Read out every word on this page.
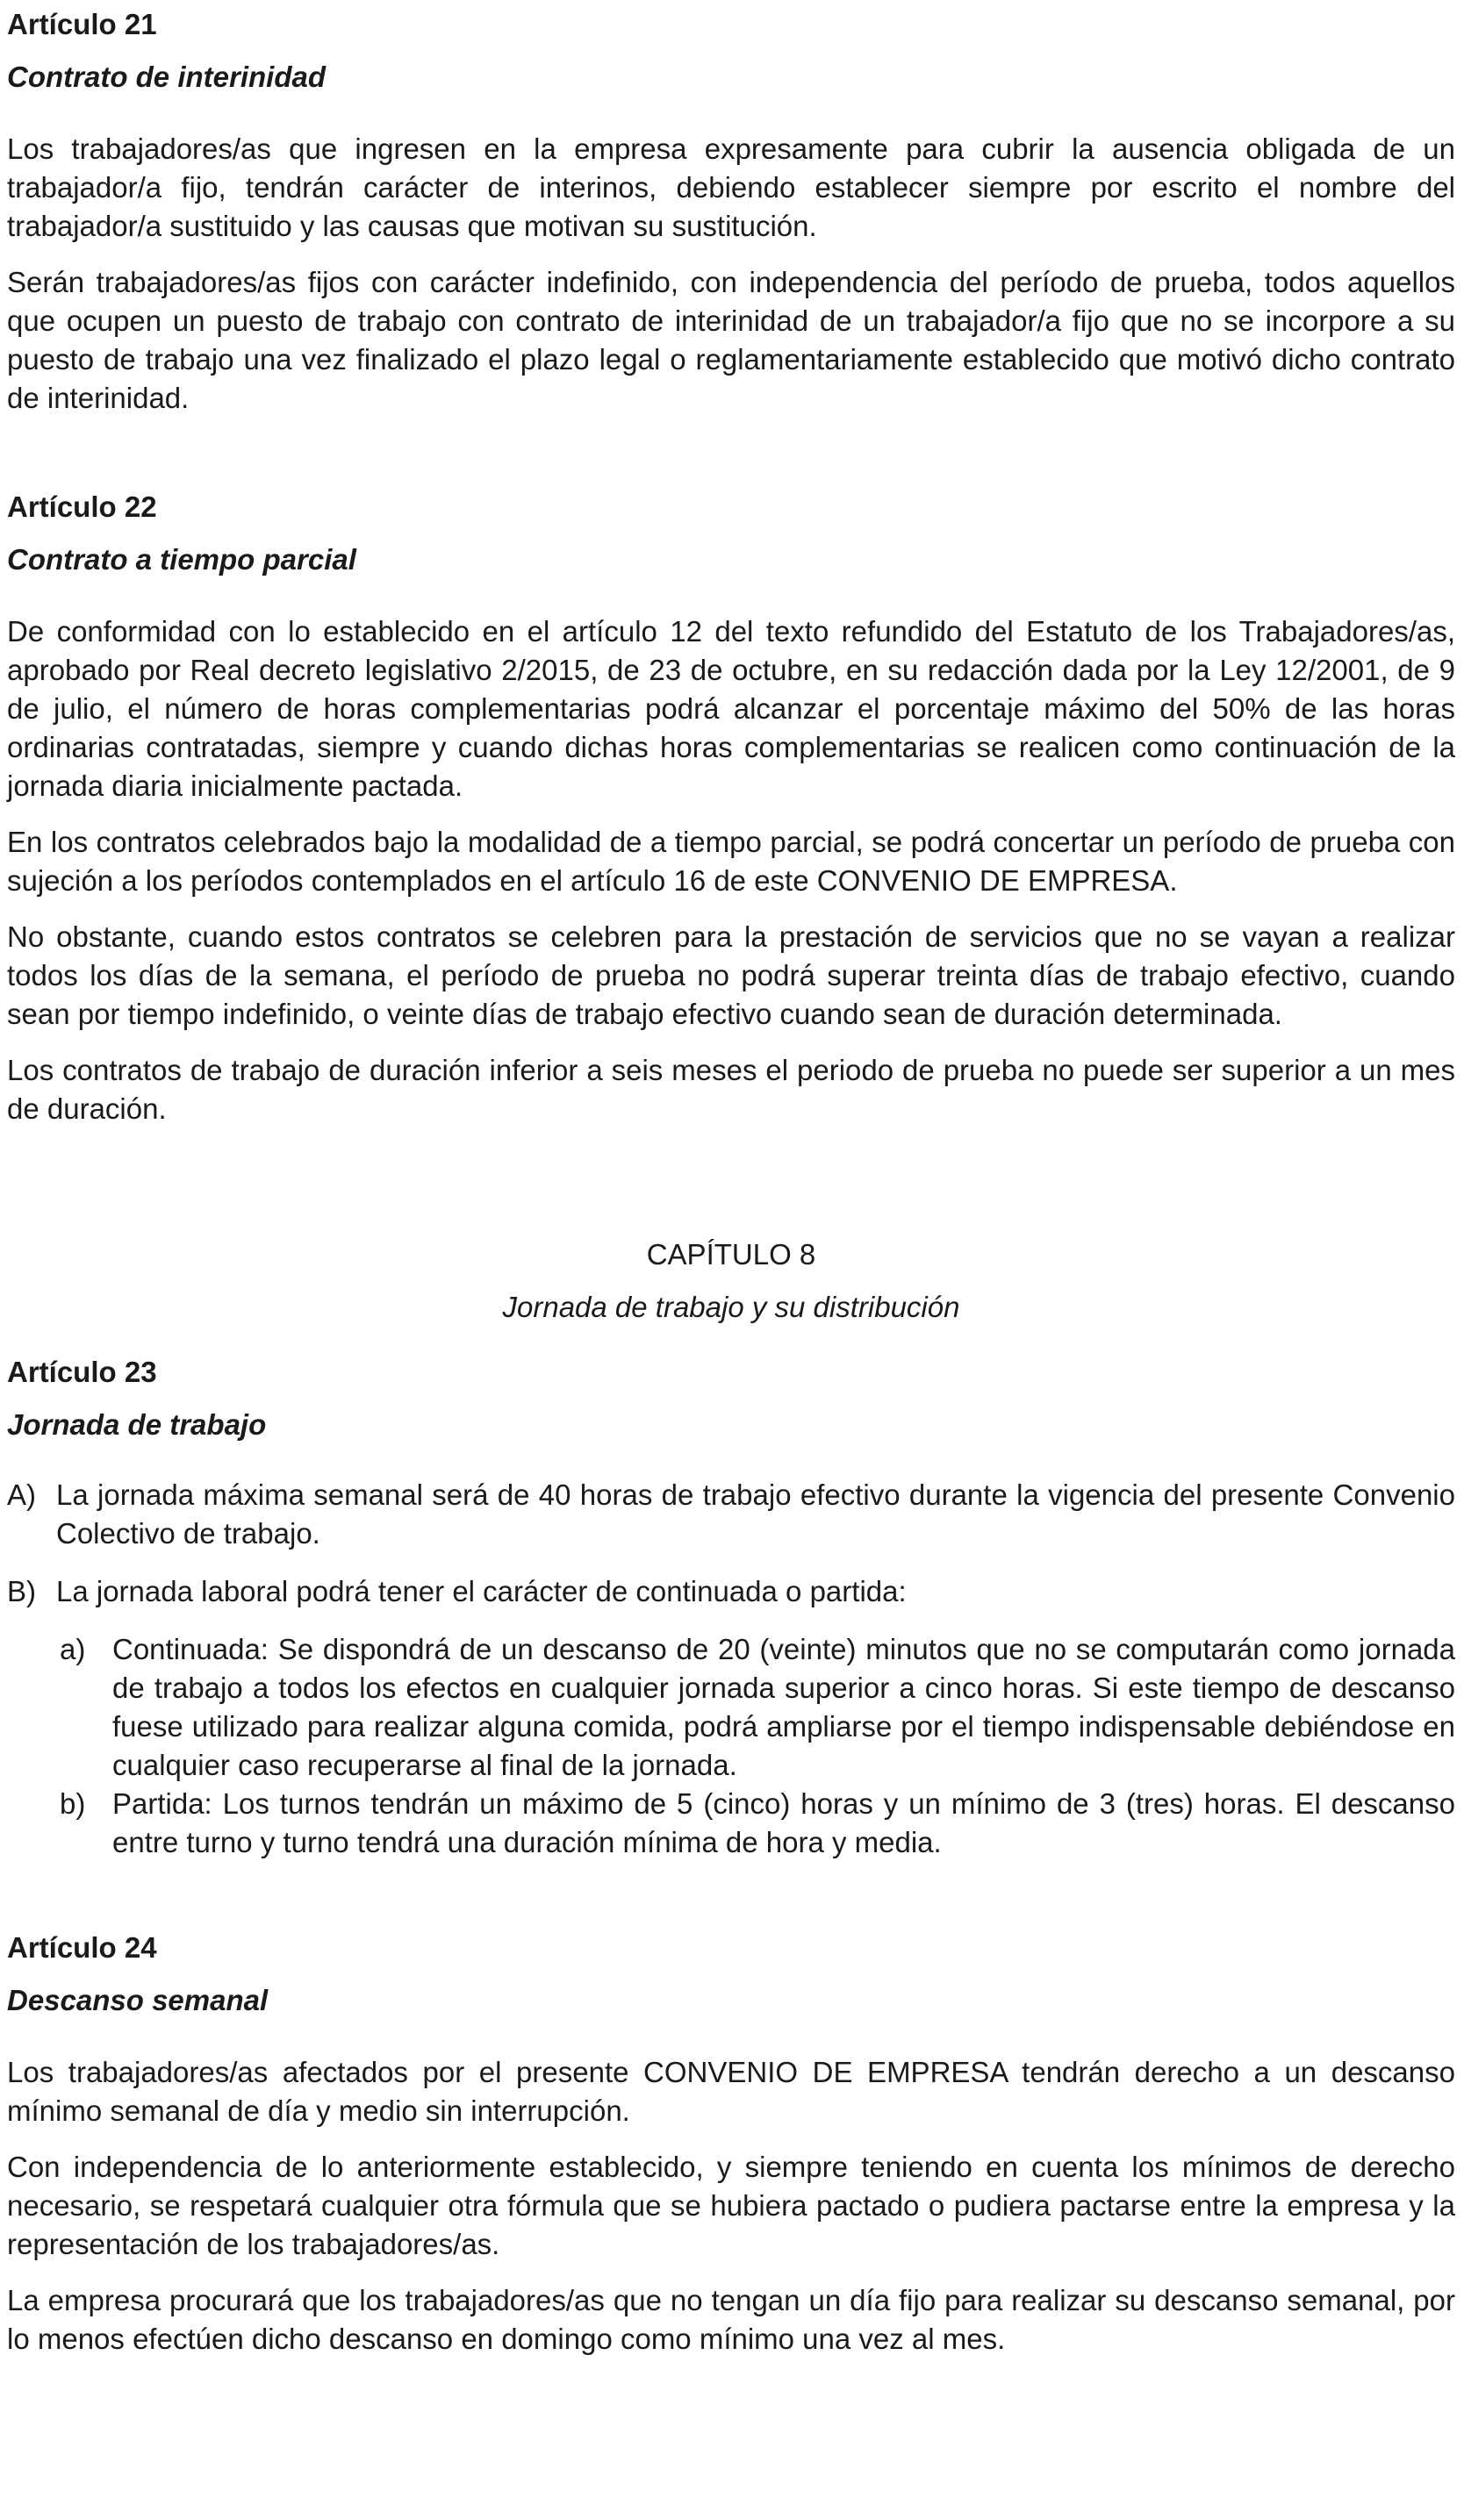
Artículo 21
Contrato de interinidad

Los trabajadores/as que ingresen en la empresa expresamente para cubrir la ausencia obligada de un trabajador/a fijo, tendrán carácter de interinos, debiendo establecer siempre por escrito el nombre del trabajador/a sustituido y las causas que motivan su sustitución.

Serán trabajadores/as fijos con carácter indefinido, con independencia del período de prueba, todos aquellos que ocupen un puesto de trabajo con contrato de interinidad de un trabajador/a fijo que no se incorpore a su puesto de trabajo una vez finalizado el plazo legal o reglamentariamente establecido que motivó dicho contrato de interinidad.

Artículo 22
Contrato a tiempo parcial

De conformidad con lo establecido en el artículo 12 del texto refundido del Estatuto de los Trabajadores/as, aprobado por Real decreto legislativo 2/2015, de 23 de octubre, en su redacción dada por la Ley 12/2001, de 9 de julio, el número de horas complementarias podrá alcanzar el porcentaje máximo del 50% de las horas ordinarias contratadas, siempre y cuando dichas horas complementarias se realicen como continuación de la jornada diaria inicialmente pactada.

En los contratos celebrados bajo la modalidad de a tiempo parcial, se podrá concertar un período de prueba con sujeción a los períodos contemplados en el artículo 16 de este CONVENIO DE EMPRESA.

No obstante, cuando estos contratos se celebren para la prestación de servicios que no se vayan a realizar todos los días de la semana, el período de prueba no podrá superar treinta días de trabajo efectivo, cuando sean por tiempo indefinido, o veinte días de trabajo efectivo cuando sean de duración determinada.

Los contratos de trabajo de duración inferior a seis meses el periodo de prueba no puede ser superior a un mes de duración.

CAPÍTULO 8
Jornada de trabajo y su distribución
Artículo 23
Jornada de trabajo
A) La jornada máxima semanal será de 40 horas de trabajo efectivo durante la vigencia del presente Convenio Colectivo de trabajo.
B) La jornada laboral podrá tener el carácter de continuada o partida:
a) Continuada: Se dispondrá de un descanso de 20 (veinte) minutos que no se computarán como jornada de trabajo a todos los efectos en cualquier jornada superior a cinco horas. Si este tiempo de descanso fuese utilizado para realizar alguna comida, podrá ampliarse por el tiempo indispensable debiéndose en cualquier caso recuperarse al final de la jornada.
b) Partida: Los turnos tendrán un máximo de 5 (cinco) horas y un mínimo de 3 (tres) horas. El descanso entre turno y turno tendrá una duración mínima de hora y media.
Artículo 24
Descanso semanal

Los trabajadores/as afectados por el presente CONVENIO DE EMPRESA tendrán derecho a un descanso mínimo semanal de día y medio sin interrupción.

Con independencia de lo anteriormente establecido, y siempre teniendo en cuenta los mínimos de derecho necesario, se respetará cualquier otra fórmula que se hubiera pactado o pudiera pactarse entre la empresa y la representación de los trabajadores/as.

La empresa procurará que los trabajadores/as que no tengan un día fijo para realizar su descanso semanal, por lo menos efectúen dicho descanso en domingo como mínimo una vez al mes.
